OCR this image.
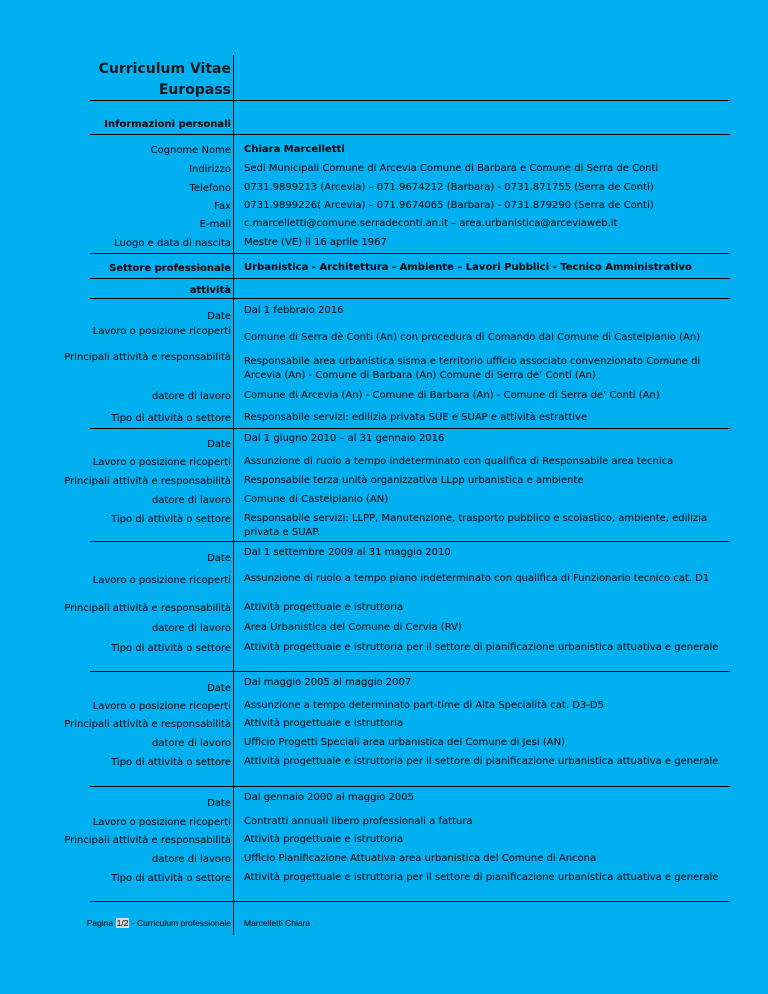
Curriculum Vitae
Europass
Informazioni personali
Cognome Nome Chiara Marcelletti
Indirizzo Sedi Municipali Comune di Arcevia Comune di Barbara e Comune di Serra de Conti
Telefono 0731.9899213 (Arcevia) – 071.9674212 (Barbara) - 0731.871755 (Serra de Conti)
Fax 0731.9899226( Arcevia) – 071.9674065 (Barbara) - 0731.879290 (Serra de Conti)
E-mail c.marcelletti@comune.serradeconti.an.it – area.urbanistica@arceviaweb.it
Luogo e data di nascita Mestre (VE) il 16 aprile 1967
Settore professionale Urbanistica - Architettura - Ambiente – Lavori Pubblici - Tecnico Amministrativo
attività
Date
Dal 1 febbraio 2016
Lavoro o posizione ricoperti
Comune di Serra dè Conti (An) con procedura di Comando dal Comune di Castelplanio (An)
Principali attività e responsabilità Responsabile area urbanistica sisma e territorio ufficio associato convenzionato Comune di Arcevia (An) - Comune di Barbara (An) Comune di Serra de’ Conti (An)
datore di lavoro Comune di Arcevia (An) - Comune di Barbara (An) - Comune di Serra de’ Conti (An)
Tipo di attività o settore Responsabile servizi: edilizia privata SUE e SUAP e attività estrattive
Date
Dal 1 giugno 2010 – al 31 gennaio 2016
Lavoro o posizione ricoperti Assunzione di ruolo a tempo indeterminato con qualifica di Responsabile area tecnica
Principali attività e responsabilità Responsabile terza unità organizzativa LLpp urbanistica e ambiente
datore di lavoro Comune di Castelplanio (AN)
Tipo di attività o settore Responsabile servizi: LLPP, Manutenzione, trasporto pubblico e scolastico, ambiente, edilizia privata e SUAP.
Date
Dal 1 settembre 2009 al 31 maggio 2010
Lavoro o posizione ricoperti Assunzione di ruolo a tempo piano indeterminato con qualifica di Funzionario tecnico cat. D1
Principali attività e responsabilità Attività progettuale e istruttoria
datore di lavoro Area Urbanistica del Comune di Cervia (RV)
Tipo di attività o settore Attività progettuale e istruttoria per il settore di pianificazione urbanistica attuativa e generale
Date
Dal maggio 2005 al maggio 2007
Lavoro o posizione ricoperti Assunzione a tempo determinato part-time di Alta Specialità cat. D3-D5
Principali attività e responsabilità Attività progettuale e istruttoria
datore di lavoro Ufficio Progetti Speciali area urbanistica del Comune di Jesi (AN)
Tipo di attività o settore Attività progettuale e istruttoria per il settore di pianificazione urbanistica attuativa e generale
Date
Dal gennaio 2000 al maggio 2005
Lavoro o posizione ricoperti Contratti annuali libero professionali a fattura
Principali attività e responsabilità Attività progettuale e istruttoria
datore di lavoro Ufficio Pianificazione Attuativa area urbanistica del Comune di Ancona
Tipo di attività o settore Attività progettuale e istruttoria per il settore di pianificazione urbanistica attuativa e generale
Pagina 1/2 - Curriculum professionale Marcelletti Chiara
